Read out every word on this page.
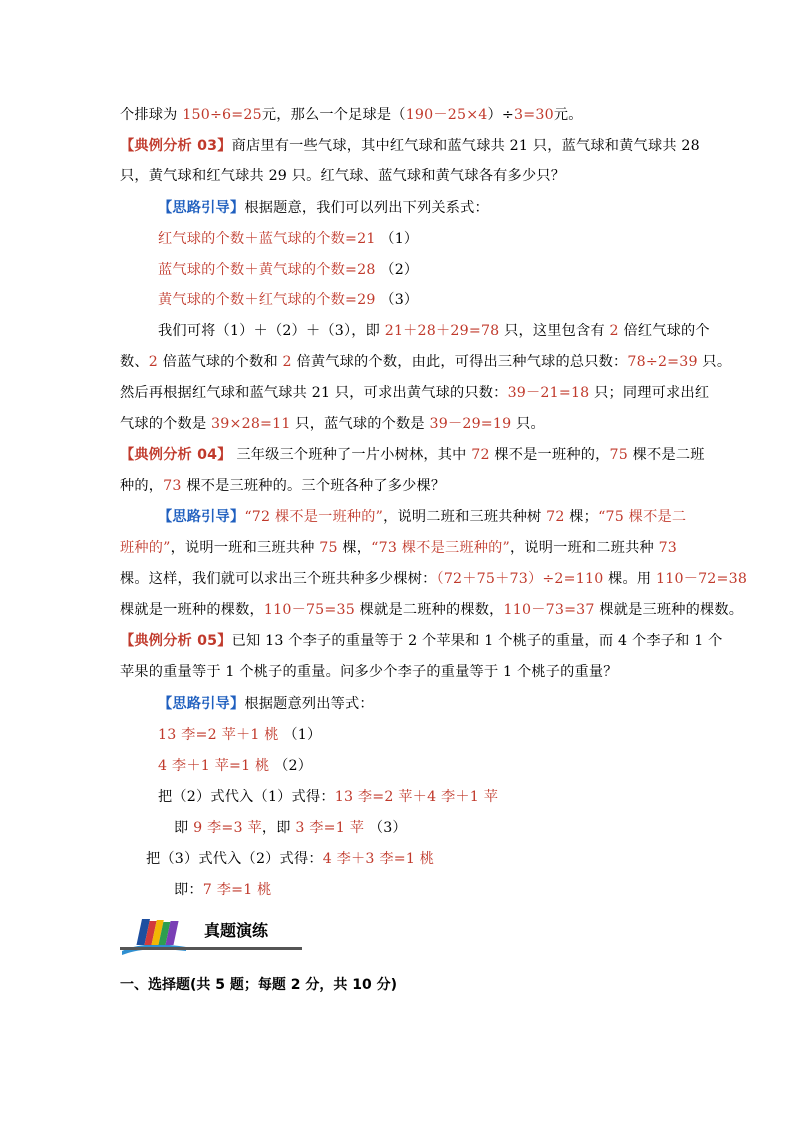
个排球为 150÷6=25元，那么一个足球是（190－25×4）÷3=30元。
【典例分析 03】商店里有一些气球，其中红气球和蓝气球共 21 只，蓝气球和黄气球共 28
只，黄气球和红气球共 29 只。红气球、蓝气球和黄气球各有多少只？
【思路引导】根据题意，我们可以列出下列关系式：
红气球的个数＋蓝气球的个数=21 （1）
蓝气球的个数＋黄气球的个数=28 （2）
黄气球的个数＋红气球的个数=29 （3）
我们可将（1）＋（2）＋（3），即 21＋28＋29=78 只，这里包含有 2 倍红气球的个
数、2 倍蓝气球的个数和 2 倍黄气球的个数，由此，可得出三种气球的总只数：78÷2=39 只。
然后再根据红气球和蓝气球共 21 只，可求出黄气球的只数：39－21=18 只；同理可求出红
气球的个数是 39×28=11 只，蓝气球的个数是 39－29=19 只。
【典例分析 04】 三年级三个班种了一片小树林，其中 72 棵不是一班种的，75 棵不是二班
种的，73 棵不是三班种的。三个班各种了多少棵？
【思路引导】“72 棵不是一班种的”，说明二班和三班共种树 72 棵；“75 棵不是二
班种的”，说明一班和三班共种 75 棵，“73 棵不是三班种的”，说明一班和二班共种 73
棵。这样，我们就可以求出三个班共种多少棵树：（72＋75＋73）÷2=110 棵。用 110－72=38
棵就是一班种的棵数，110－75=35 棵就是二班种的棵数，110－73=37 棵就是三班种的棵数。
【典例分析 05】已知 13 个李子的重量等于 2 个苹果和 1 个桃子的重量，而 4 个李子和 1 个
苹果的重量等于 1 个桃子的重量。问多少个李子的重量等于 1 个桃子的重量？
【思路引导】根据题意列出等式：
13 李=2 苹＋1 桃 （1）
4 李＋1 苹=1 桃 （2）
把（2）式代入（1）式得：13 李=2 苹＋4 李＋1 苹
即 9 李=3 苹，即 3 李=1 苹 （3）
把（3）式代入（2）式得：4 李＋3 李=1 桃
即：7 李=1 桃
真题演练
一、选择题(共 5 题；每题 2 分，共 10 分)
